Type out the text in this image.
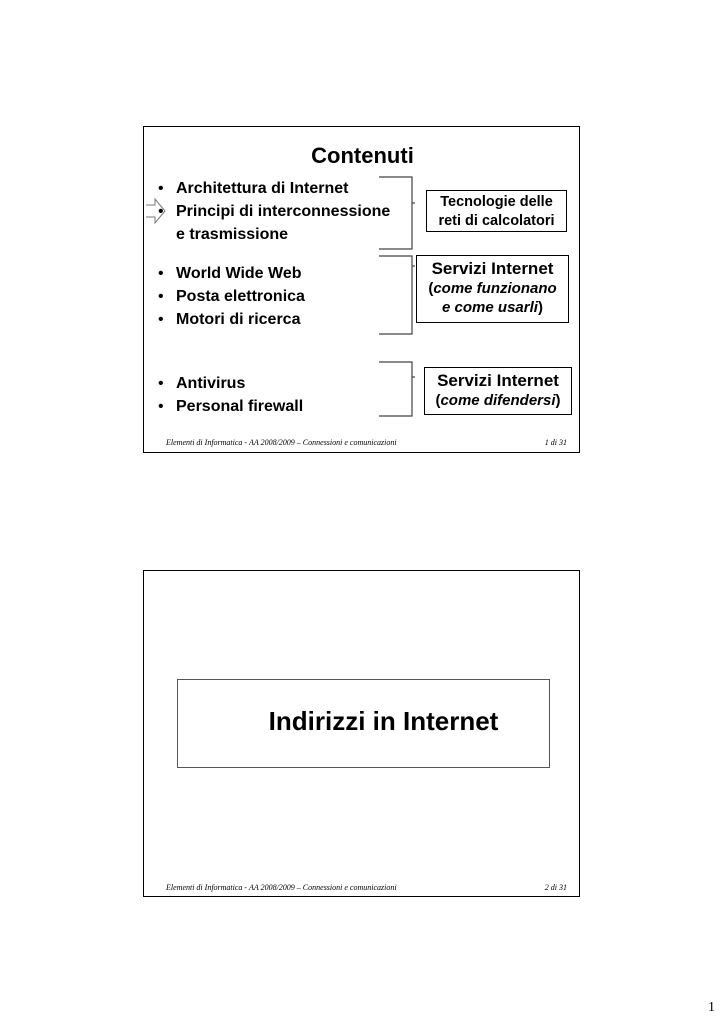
Contenuti
• Architettura di Internet
• Principi di interconnessione
e trasmissione
• World Wide Web
• Posta elettronica
• Motori di ricerca
• Antivirus
• Personal firewall
Tecnologie delle
reti di calcolatori
Servizi Internet
(come funzionano
e come usarli)
Servizi Internet
(come difendersi)
Elementi di Informatica - AA 2008/2009 – Connessioni e comunicazioni	1 di 31
Indirizzi in Internet
Elementi di Informatica - AA 2008/2009 – Connessioni e comunicazioni	2 di 31
1
